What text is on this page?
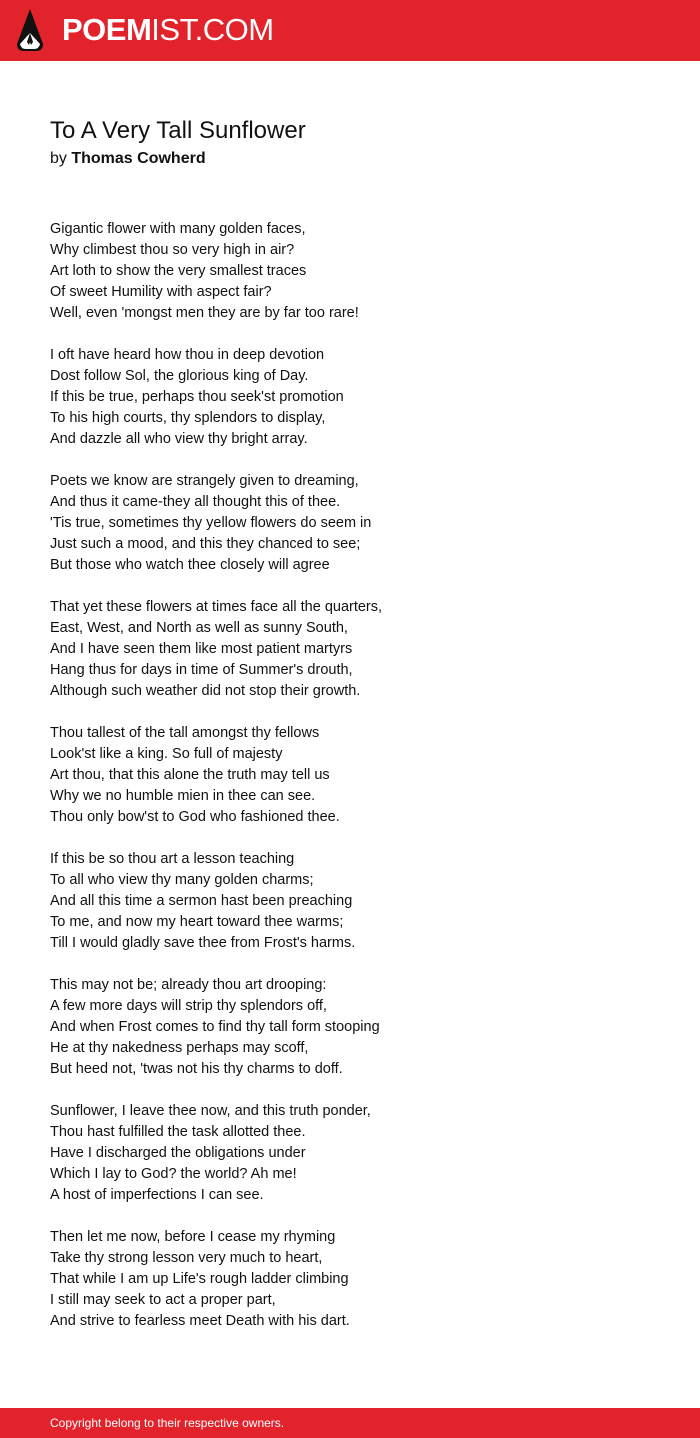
POEMIST.COM
To A Very Tall Sunflower
by Thomas Cowherd
Gigantic flower with many golden faces,
Why climbest thou so very high in air?
Art loth to show the very smallest traces
Of sweet Humility with aspect fair?
Well, even 'mongst men they are by far too rare!
I oft have heard how thou in deep devotion
Dost follow Sol, the glorious king of Day.
If this be true, perhaps thou seek'st promotion
To his high courts, thy splendors to display,
And dazzle all who view thy bright array.
Poets we know are strangely given to dreaming,
And thus it came-they all thought this of thee.
'Tis true, sometimes thy yellow flowers do seem in
Just such a mood, and this they chanced to see;
But those who watch thee closely will agree
That yet these flowers at times face all the quarters,
East, West, and North as well as sunny South,
And I have seen them like most patient martyrs
Hang thus for days in time of Summer's drouth,
Although such weather did not stop their growth.
Thou tallest of the tall amongst thy fellows
Look'st like a king. So full of majesty
Art thou, that this alone the truth may tell us
Why we no humble mien in thee can see.
Thou only bow'st to God who fashioned thee.
If this be so thou art a lesson teaching
To all who view thy many golden charms;
And all this time a sermon hast been preaching
To me, and now my heart toward thee warms;
Till I would gladly save thee from Frost's harms.
This may not be; already thou art drooping:
A few more days will strip thy splendors off,
And when Frost comes to find thy tall form stooping
He at thy nakedness perhaps may scoff,
But heed not, 'twas not his thy charms to doff.
Sunflower, I leave thee now, and this truth ponder,
Thou hast fulfilled the task allotted thee.
Have I discharged the obligations under
Which I lay to God? the world? Ah me!
A host of imperfections I can see.
Then let me now, before I cease my rhyming
Take thy strong lesson very much to heart,
That while I am up Life's rough ladder climbing
I still may seek to act a proper part,
And strive to fearless meet Death with his dart.
Copyright belong to their respective owners.
